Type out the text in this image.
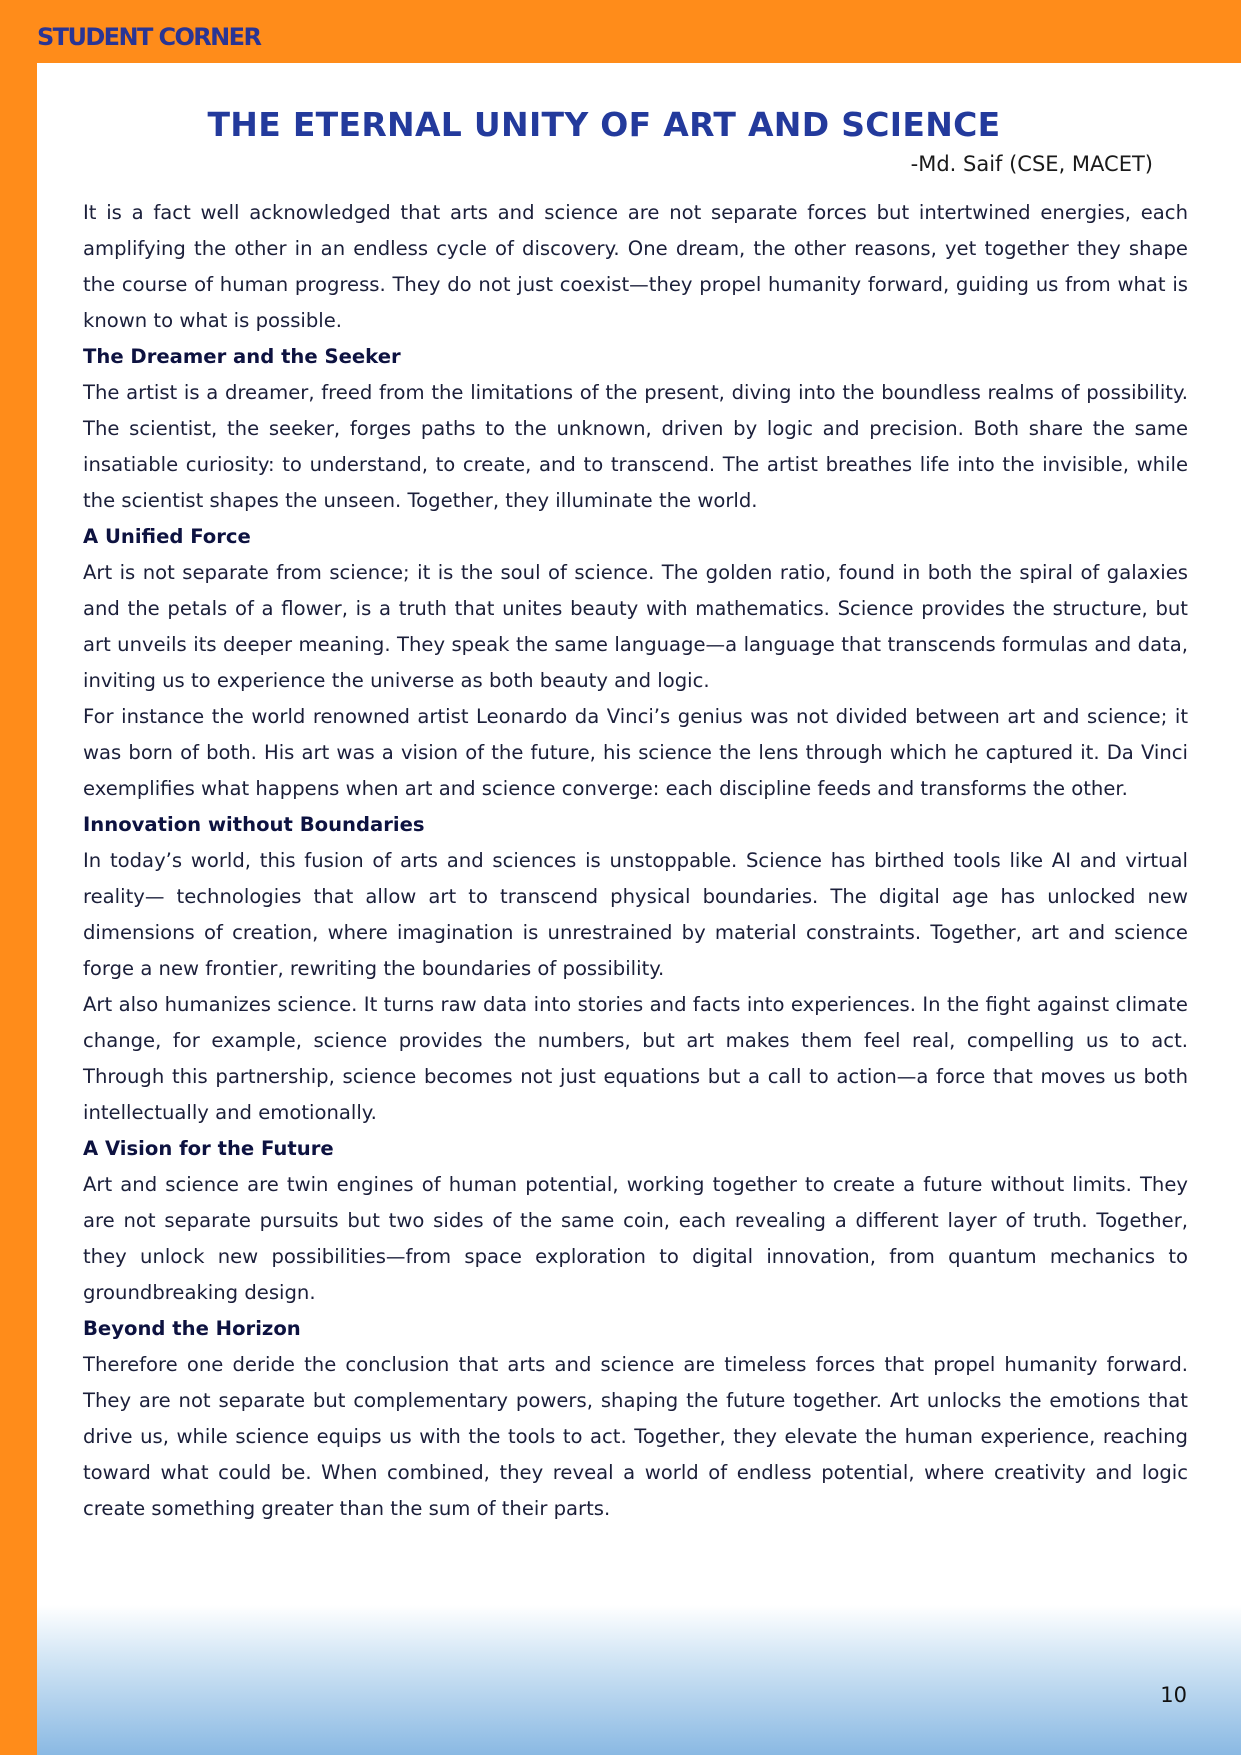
STUDENT CORNER
THE ETERNAL UNITY OF ART AND SCIENCE
-Md. Saif (CSE, MACET)

It is a fact well acknowledged that arts and science are not separate forces but intertwined energies, each amplifying the other in an endless cycle of discovery. One dream, the other reasons, yet together they shape the course of human progress. They do not just coexist—they propel humanity forward, guiding us from what is known to what is possible.

The Dreamer and the Seeker

The artist is a dreamer, freed from the limitations of the present, diving into the boundless realms of possibility. The scientist, the seeker, forges paths to the unknown, driven by logic and precision. Both share the same insatiable curiosity: to understand, to create, and to transcend. The artist breathes life into the invisible, while the scientist shapes the unseen. Together, they illuminate the world.

A Unified Force

Art is not separate from science; it is the soul of science. The golden ratio, found in both the spiral of galaxies and the petals of a flower, is a truth that unites beauty with mathematics. Science provides the structure, but art unveils its deeper meaning. They speak the same language—a language that transcends formulas and data, inviting us to experience the universe as both beauty and logic.

For instance the world renowned artist Leonardo da Vinci’s genius was not divided between art and science; it was born of both. His art was a vision of the future, his science the lens through which he captured it. Da Vinci exemplifies what happens when art and science converge: each discipline feeds and transforms the other.

Innovation without Boundaries

In today’s world, this fusion of arts and sciences is unstoppable. Science has birthed tools like AI and virtual reality— technologies that allow art to transcend physical boundaries. The digital age has unlocked new dimensions of creation, where imagination is unrestrained by material constraints. Together, art and science forge a new frontier, rewriting the boundaries of possibility.

Art also humanizes science. It turns raw data into stories and facts into experiences. In the fight against climate change, for example, science provides the numbers, but art makes them feel real, compelling us to act. Through this partnership, science becomes not just equations but a call to action—a force that moves us both intellectually and emotionally.

A Vision for the Future

Art and science are twin engines of human potential, working together to create a future without limits. They are not separate pursuits but two sides of the same coin, each revealing a different layer of truth. Together, they unlock new possibilities—from space exploration to digital innovation, from quantum mechanics to groundbreaking design.

Beyond the Horizon

Therefore one deride the conclusion that arts and science are timeless forces that propel humanity forward. They are not separate but complementary powers, shaping the future together. Art unlocks the emotions that drive us, while science equips us with the tools to act. Together, they elevate the human experience, reaching toward what could be. When combined, they reveal a world of endless potential, where creativity and logic create something greater than the sum of their parts.

10
